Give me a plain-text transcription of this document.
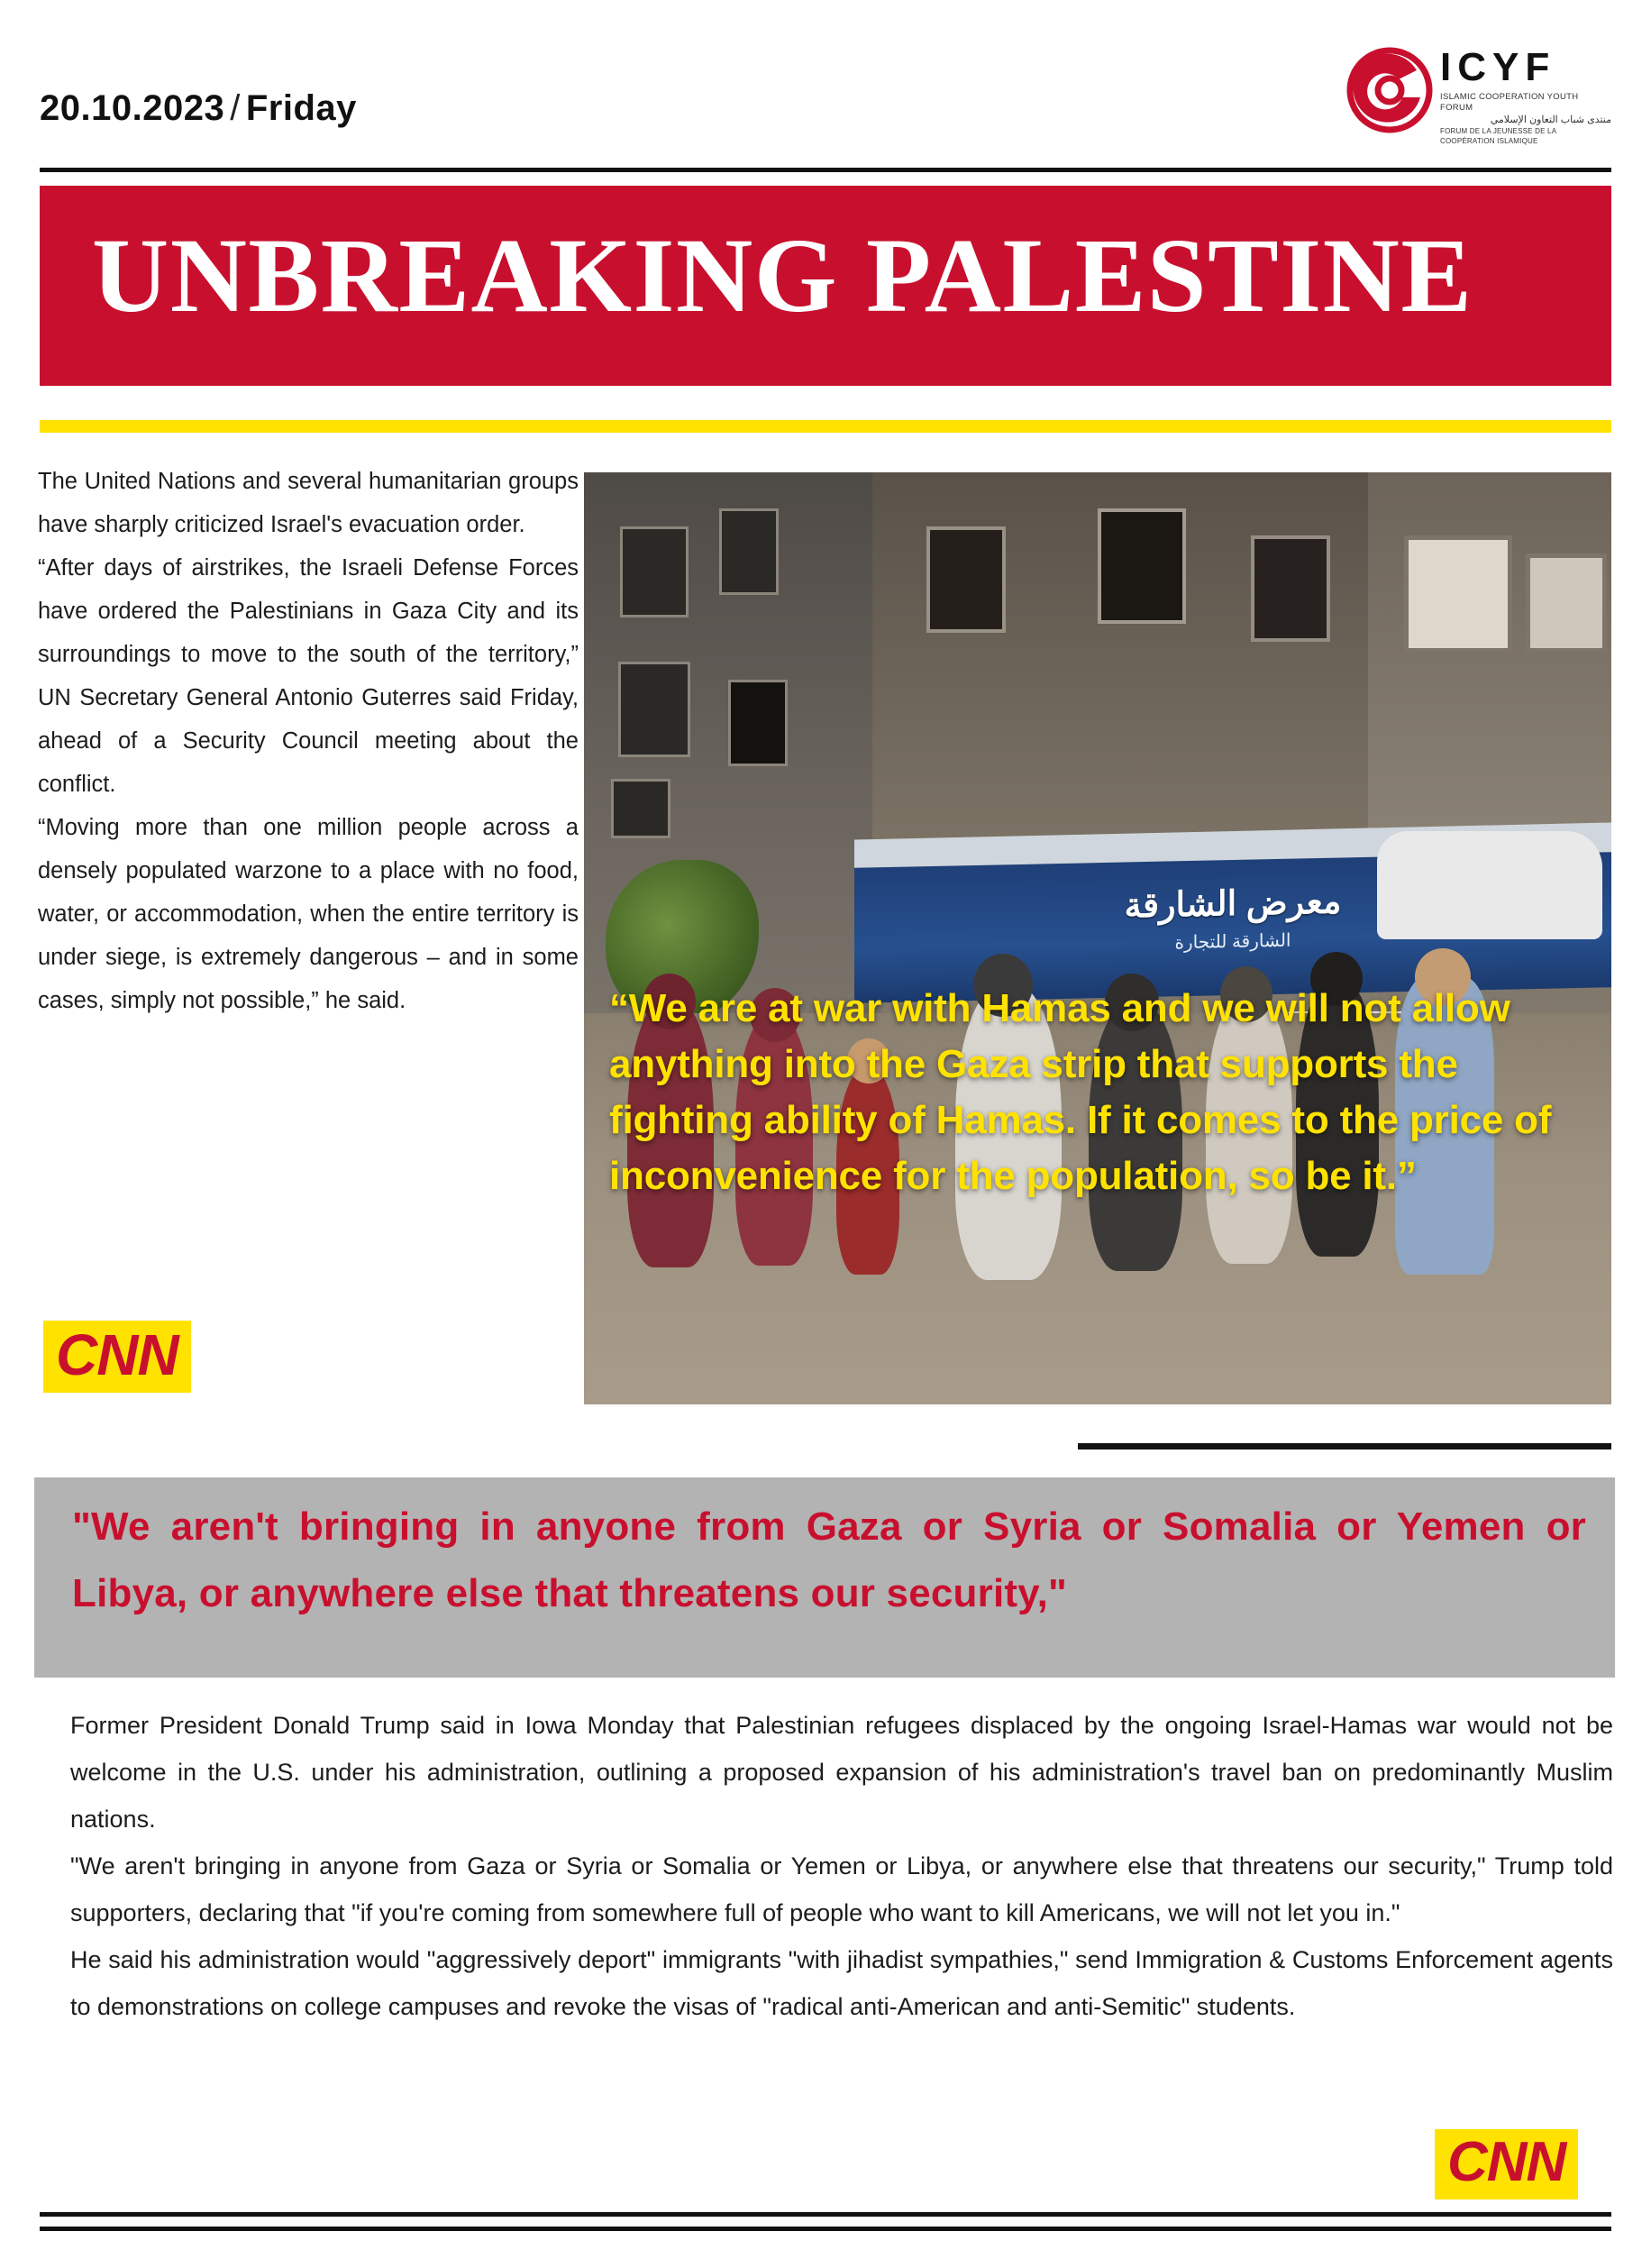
20.10.2023 / Friday
ICYF
ISLAMIC COOPERATION YOUTH FORUM
منتدى شباب التعاون الإسلامي
FORUM DE LA JEUNESSE DE LA COOPÉRATION ISLAMIQUE
UNBREAKING PALESTINE

The United Nations and several humanitarian groups have sharply criticized Israel's evacuation order.

“After days of airstrikes, the Israeli Defense Forces have ordered the Palestinians in Gaza City and its surroundings to move to the south of the territory,” UN Secretary General Antonio Guterres said Friday, ahead of a Security Council meeting about the conflict.

“Moving more than one million people across a densely populated warzone to a place with no food, water, or accommodation, when the entire territory is under siege, is extremely dangerous – and in some cases, simply not possible,” he said.

CNN
معرض الشارقة
الشارقة للتجارة
“We are at war with Hamas and we will not allow anything into the Gaza strip that supports the fighting ability of Hamas. If it comes to the price of inconvenience for the population, so be it.”
"We aren't bringing in anyone from Gaza or Syria or Somalia or Yemen or Libya, or anywhere else that threatens our security,"

Former President Donald Trump said in Iowa Monday that Palestinian refugees displaced by the ongoing Israel-Hamas war would not be welcome in the U.S. under his administration, outlining a proposed expansion of his administration's travel ban on predominantly Muslim nations.

"We aren't bringing in anyone from Gaza or Syria or Somalia or Yemen or Libya, or anywhere else that threatens our security," Trump told supporters, declaring that "if you're coming from somewhere full of people who want to kill Americans, we will not let you in."

He said his administration would "aggressively deport" immigrants "with jihadist sympathies," send Immigration & Customs Enforcement agents to demonstrations on college campuses and revoke the visas of "radical anti-American and anti-Semitic" students.

CNN
